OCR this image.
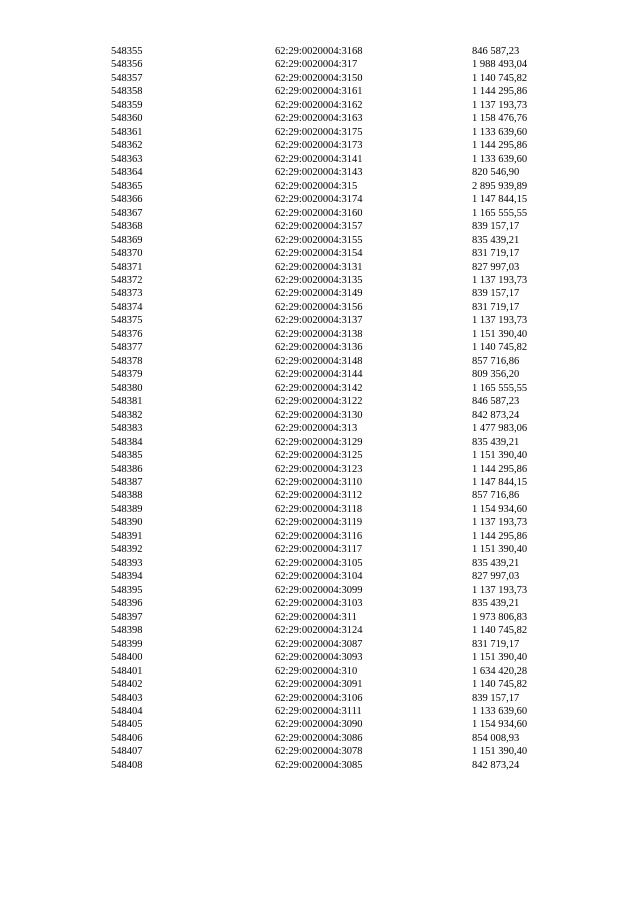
548355	62:29:0020004:3168	846 587,23
548356	62:29:0020004:317	1 988 493,04
548357	62:29:0020004:3150	1 140 745,82
548358	62:29:0020004:3161	1 144 295,86
548359	62:29:0020004:3162	1 137 193,73
548360	62:29:0020004:3163	1 158 476,76
548361	62:29:0020004:3175	1 133 639,60
548362	62:29:0020004:3173	1 144 295,86
548363	62:29:0020004:3141	1 133 639,60
548364	62:29:0020004:3143	820 546,90
548365	62:29:0020004:315	2 895 939,89
548366	62:29:0020004:3174	1 147 844,15
548367	62:29:0020004:3160	1 165 555,55
548368	62:29:0020004:3157	839 157,17
548369	62:29:0020004:3155	835 439,21
548370	62:29:0020004:3154	831 719,17
548371	62:29:0020004:3131	827 997,03
548372	62:29:0020004:3135	1 137 193,73
548373	62:29:0020004:3149	839 157,17
548374	62:29:0020004:3156	831 719,17
548375	62:29:0020004:3137	1 137 193,73
548376	62:29:0020004:3138	1 151 390,40
548377	62:29:0020004:3136	1 140 745,82
548378	62:29:0020004:3148	857 716,86
548379	62:29:0020004:3144	809 356,20
548380	62:29:0020004:3142	1 165 555,55
548381	62:29:0020004:3122	846 587,23
548382	62:29:0020004:3130	842 873,24
548383	62:29:0020004:313	1 477 983,06
548384	62:29:0020004:3129	835 439,21
548385	62:29:0020004:3125	1 151 390,40
548386	62:29:0020004:3123	1 144 295,86
548387	62:29:0020004:3110	1 147 844,15
548388	62:29:0020004:3112	857 716,86
548389	62:29:0020004:3118	1 154 934,60
548390	62:29:0020004:3119	1 137 193,73
548391	62:29:0020004:3116	1 144 295,86
548392	62:29:0020004:3117	1 151 390,40
548393	62:29:0020004:3105	835 439,21
548394	62:29:0020004:3104	827 997,03
548395	62:29:0020004:3099	1 137 193,73
548396	62:29:0020004:3103	835 439,21
548397	62:29:0020004:311	1 973 806,83
548398	62:29:0020004:3124	1 140 745,82
548399	62:29:0020004:3087	831 719,17
548400	62:29:0020004:3093	1 151 390,40
548401	62:29:0020004:310	1 634 420,28
548402	62:29:0020004:3091	1 140 745,82
548403	62:29:0020004:3106	839 157,17
548404	62:29:0020004:3111	1 133 639,60
548405	62:29:0020004:3090	1 154 934,60
548406	62:29:0020004:3086	854 008,93
548407	62:29:0020004:3078	1 151 390,40
548408	62:29:0020004:3085	842 873,24
